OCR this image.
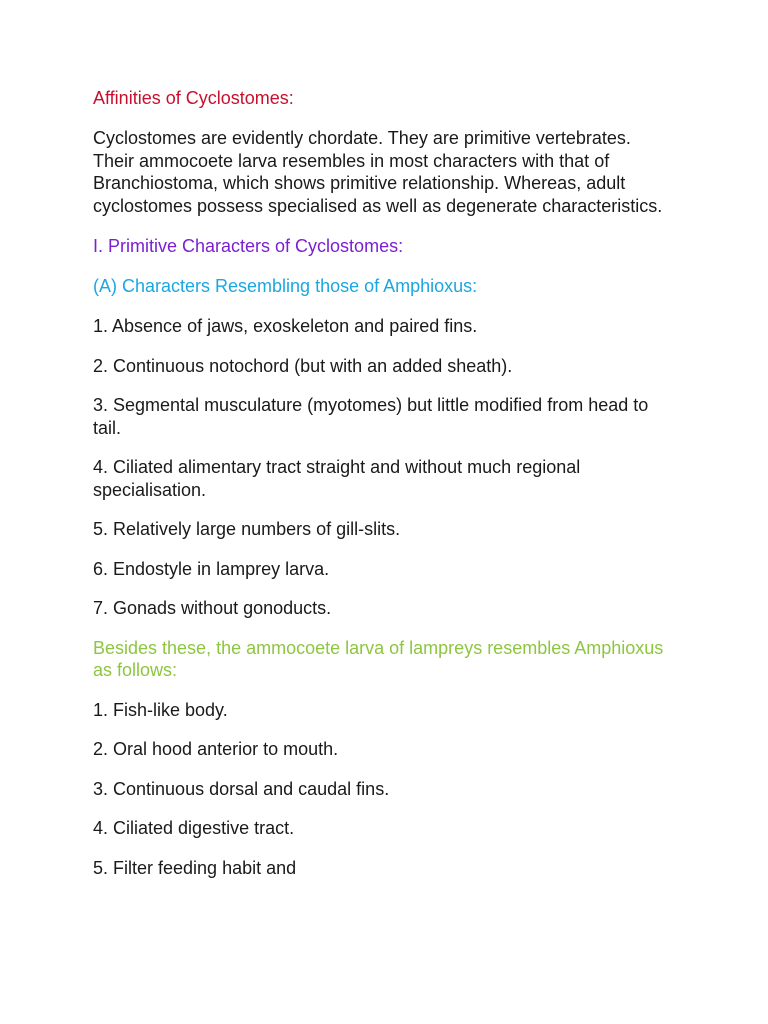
Affinities of Cyclostomes:

Cyclostomes are evidently chordate. They are primitive vertebrates. Their ammocoete larva resembles in most characters with that of Branchiostoma, which shows primitive relationship. Whereas, adult cyclostomes possess specialised as well as degenerate characteristics.

I. Primitive Characters of Cyclostomes:
(A) Characters Resembling those of Amphioxus:
1. Absence of jaws, exoskeleton and paired fins.
2. Continuous notochord (but with an added sheath).
3. Segmental musculature (myotomes) but little modified from head to tail.
4. Ciliated alimentary tract straight and without much regional specialisation.
5. Relatively large numbers of gill-slits.
6. Endostyle in lamprey larva.
7. Gonads without gonoducts.
Besides these, the ammocoete larva of lampreys resembles Amphioxus as follows:
1. Fish-like body.
2. Oral hood anterior to mouth.
3. Continuous dorsal and caudal fins.
4. Ciliated digestive tract.
5. Filter feeding habit and
